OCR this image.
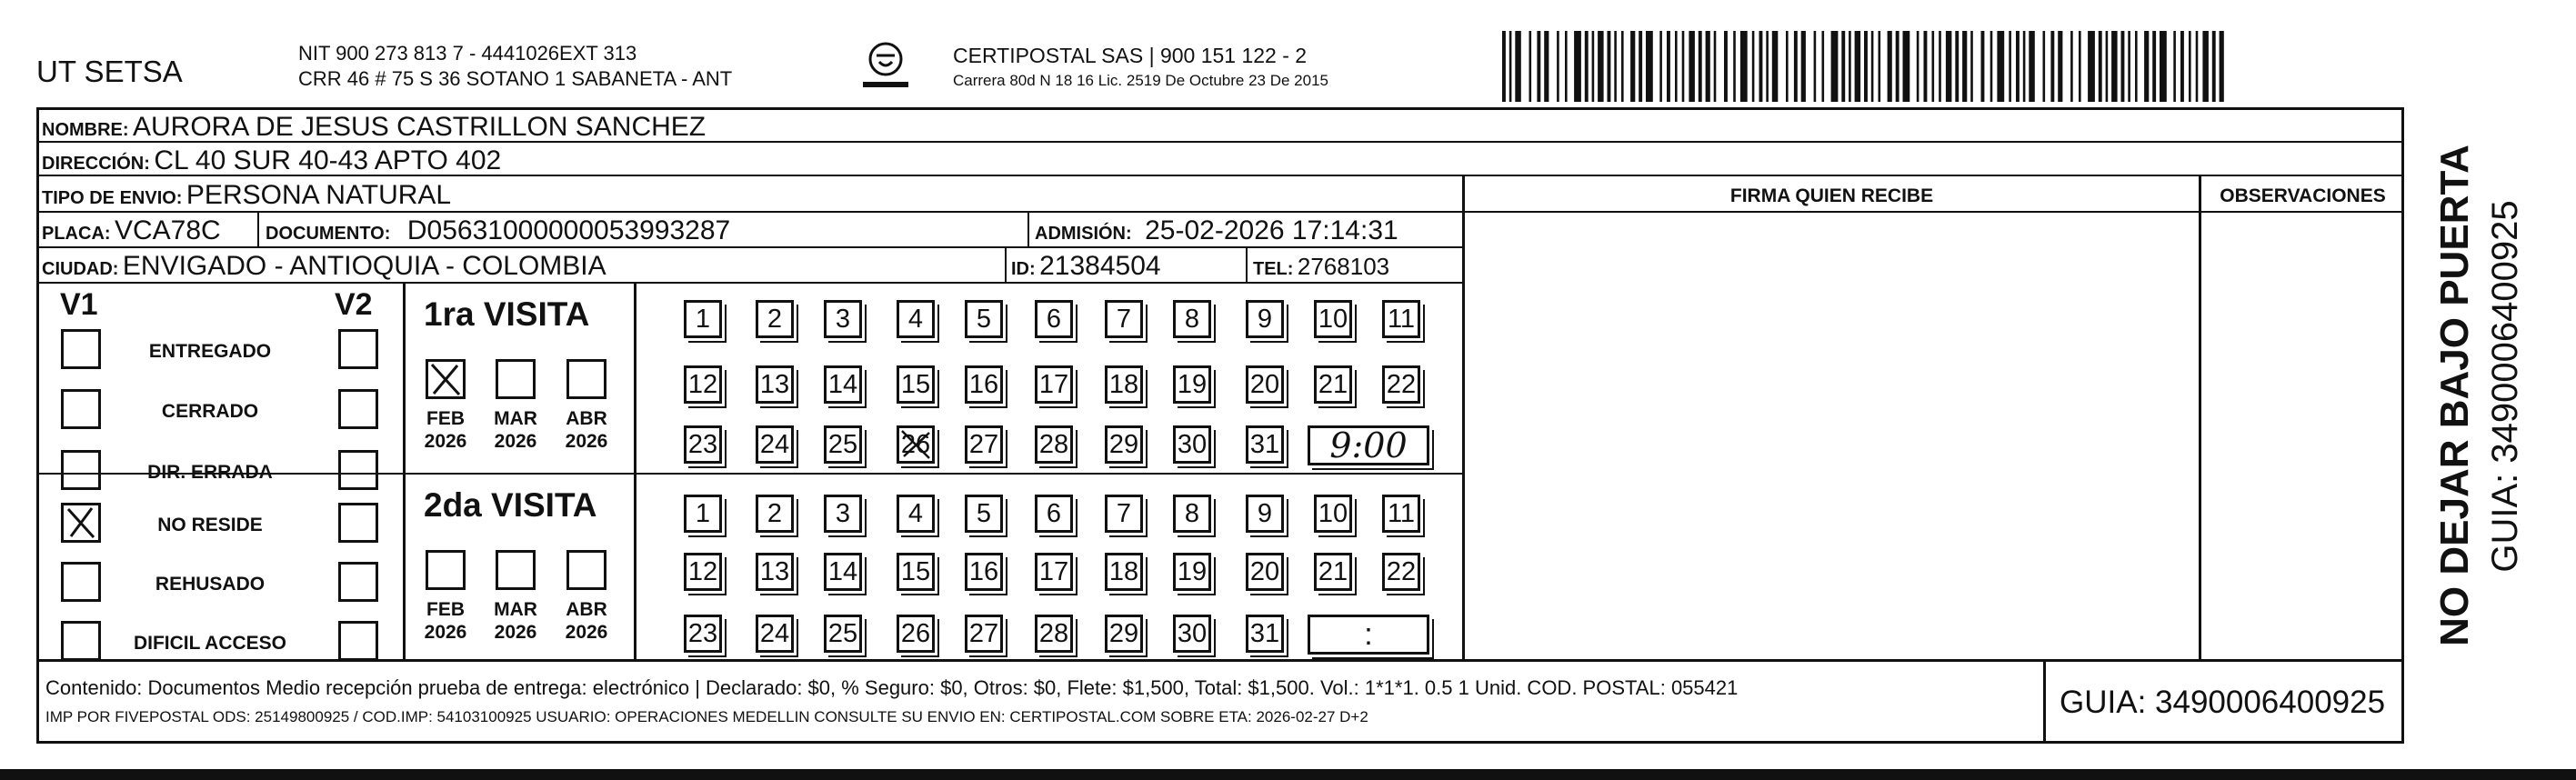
UT SETSA
NIT 900 273 813 7 - 4441026EXT 313
CRR 46 # 75 S 36 SOTANO 1 SABANETA - ANT
CERTIPOSTAL SAS | 900 151 122 - 2
Carrera 80d N 18 16 Lic. 2519 De Octubre 23 De 2015
NOMBRE: AURORA DE JESUS CASTRILLON SANCHEZ
DIRECCIÓN: CL 40 SUR 40-43 APTO 402
TIPO DE ENVIO: PERSONA NATURAL
PLACA: VCA78C DOCUMENTO: D05631000000053993287	ADMISIÓN: 25-02-2026 17:14:31
CIUDAD: ENVIGADO - ANTIOQUIA - COLOMBIA	ID: 21384504	TEL: 2768103
FIRMA QUIEN RECIBE	OBSERVACIONES
V1	V2
ENTREGADO
CERRADO
DIR. ERRADA
NO RESIDE
REHUSADO
DIFICIL ACCESO
1ra VISITA
2da VISITA
FEB
2026
MAR
2026
ABR
2026
FEB
2026
MAR
2026
ABR
2026
1	2	3	4	5	6	7	8	9	10 11
12 13 14 15 16 17 18 19 20 21 22
23 24 25 26 27 28 29 30 31	9:00
1	2	3	4	5	6	7	8	9	10 11
12 13 14 15 16 17 18 19 20 21 22
23 24 25 26 27 28 29 30 31	:
Contenido: Documentos Medio recepción prueba de entrega: electrónico | Declarado: $0, % Seguro: $0, Otros: $0, Flete: $1,500, Total: $1,500. Vol.: 1*1*1. 0.5 1 Unid. COD. POSTAL: 055421
IMP POR FIVEPOSTAL ODS: 25149800925 / COD.IMP: 54103100925 USUARIO: OPERACIONES MEDELLIN CONSULTE SU ENVIO EN: CERTIPOSTAL.COM SOBRE ETA: 2026-02-27 D+2	GUIA: 3490006400925
NO DEJAR BAJO PUERTA GUIA: 3490006400925
